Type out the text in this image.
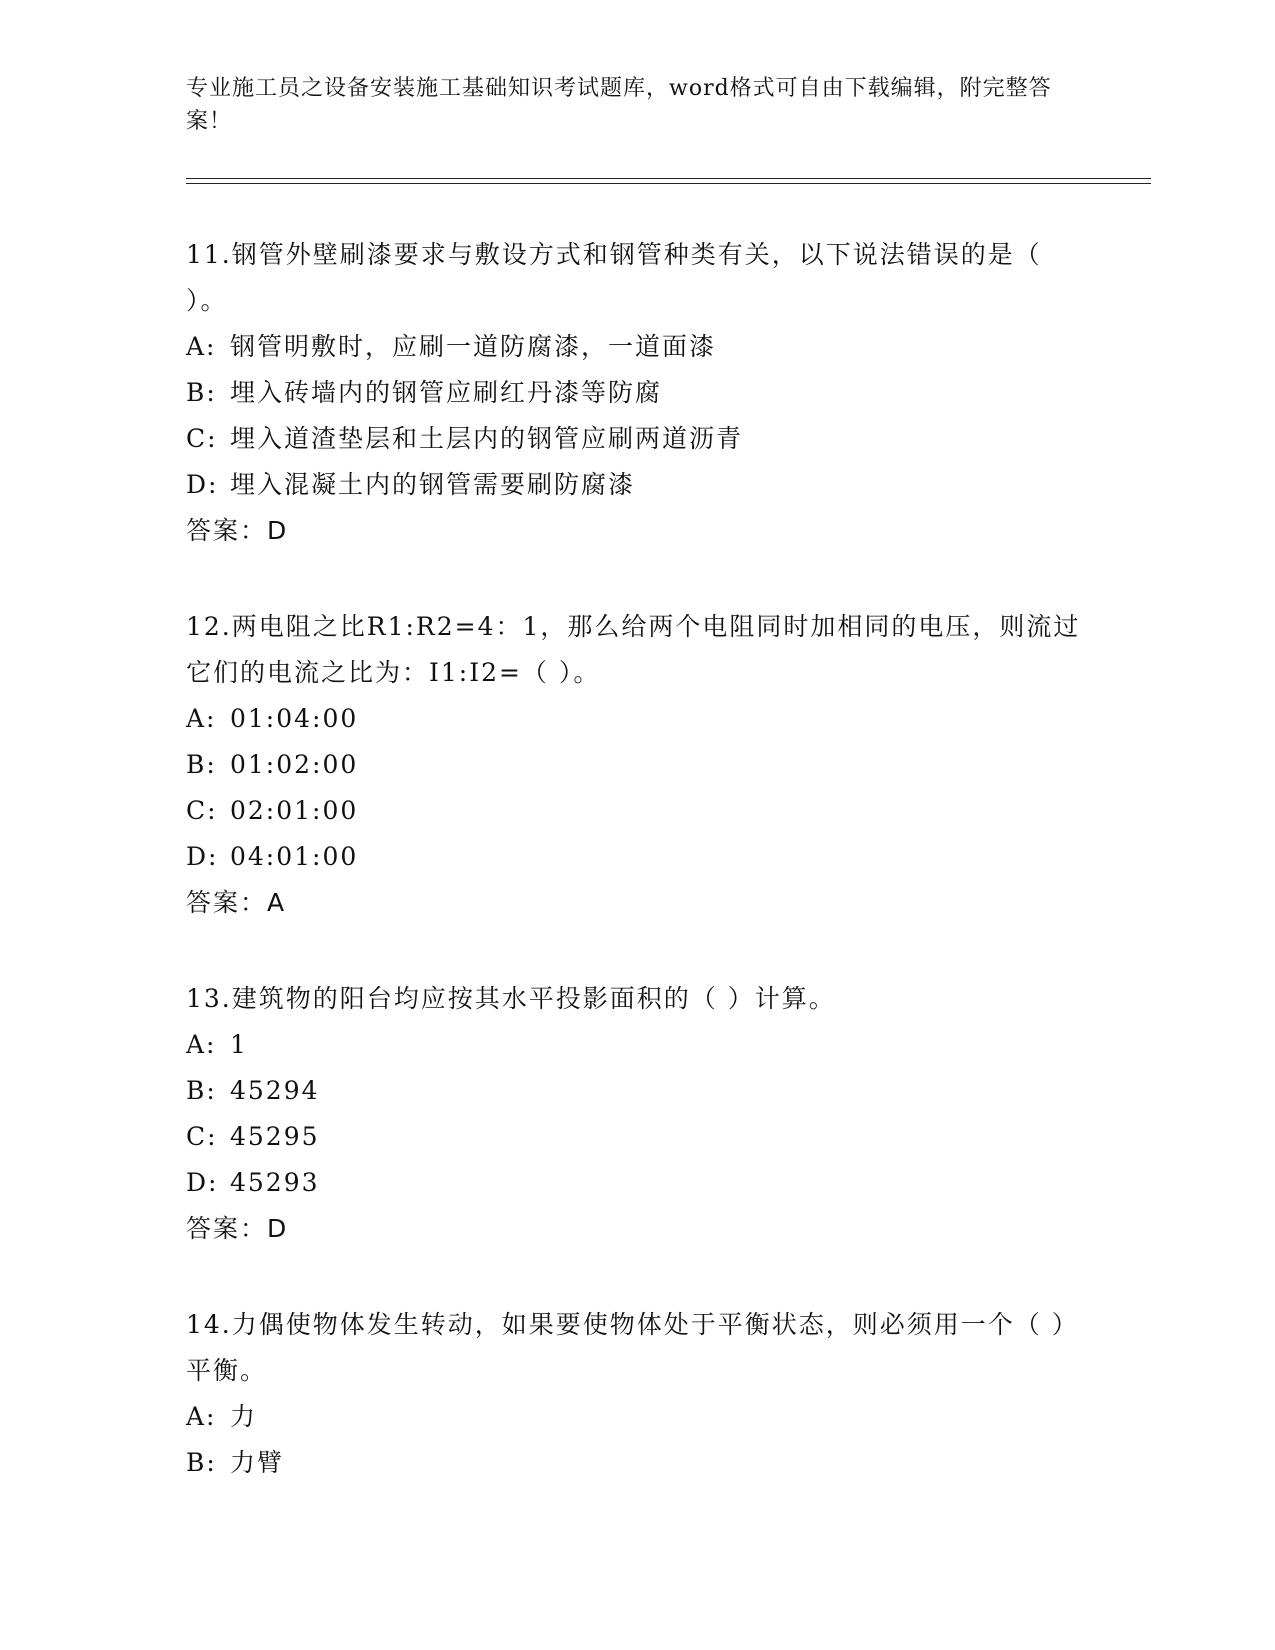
专业施工员之设备安装施工基础知识考试题库，word格式可自由下载编辑，附完整答案！

11.钢管外壁刷漆要求与敷设方式和钢管种类有关，以下说法错误的是（ ）。

A: 钢管明敷时，应刷一道防腐漆，一道面漆

B: 埋入砖墙内的钢管应刷红丹漆等防腐

C: 埋入道渣垫层和土层内的钢管应刷两道沥青

D: 埋入混凝土内的钢管需要刷防腐漆

答案：D

12.两电阻之比R1:R2=4：1，那么给两个电阻同时加相同的电压，则流过它们的电流之比为：I1:I2=（ ）。

A: 01:04:00

B: 01:02:00

C: 02:01:00

D: 04:01:00

答案：A

13.建筑物的阳台均应按其水平投影面积的（ ）计算。

A: 1

B: 45294

C: 45295

D: 45293

答案：D

14.力偶使物体发生转动，如果要使物体处于平衡状态，则必须用一个（ ）平衡。

A: 力

B: 力臂
